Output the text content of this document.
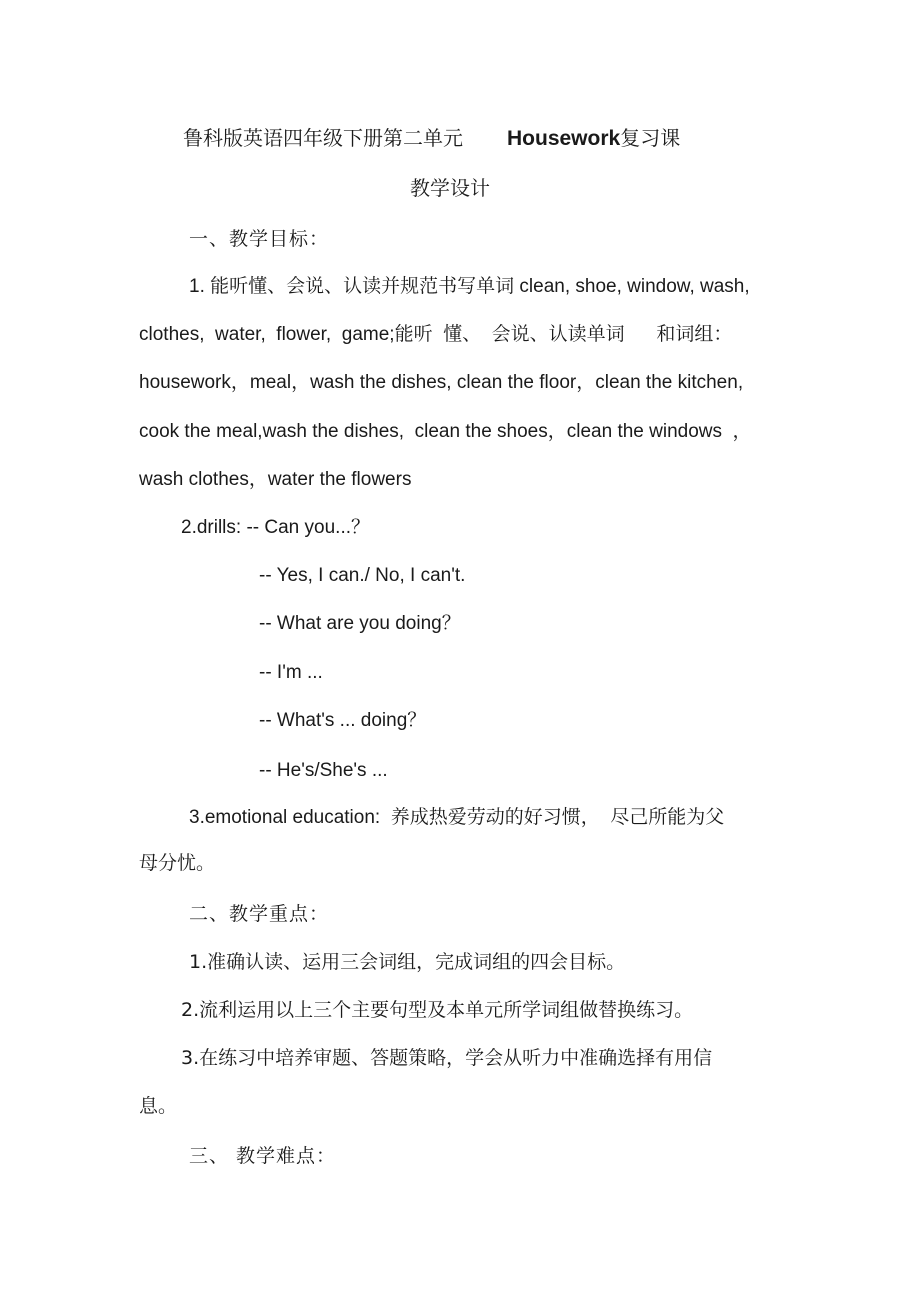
鲁科版英语四年级下册第二单元 Housework复习课
教学设计
一、教学目标：
1. 能听懂、会说、认读并规范书写单词 clean, shoe, window, wash,
clothes,  water,  flower,  game;能听  懂、  会说、认读单词      和词组：
housework，meal，wash the dishes, clean the floor，clean the kitchen,
cook the meal,wash the dishes,  clean the shoes，clean the windows  ，
wash clothes，water the flowers
2.drills: -- Can you...？
-- Yes, I can./ No, I can't.
-- What are you doing？
-- I'm ...
-- What's ... doing？
-- He's/She's ...
3.emotional education:  养成热爱劳动的好习惯，  尽己所能为父
母分忧。
二、教学重点：
1.准确认读、运用三会词组，完成词组的四会目标。
2.流利运用以上三个主要句型及本单元所学词组做替换练习。
3.在练习中培养审题、答题策略，学会从听力中准确选择有用信
息。
三、 教学难点：
